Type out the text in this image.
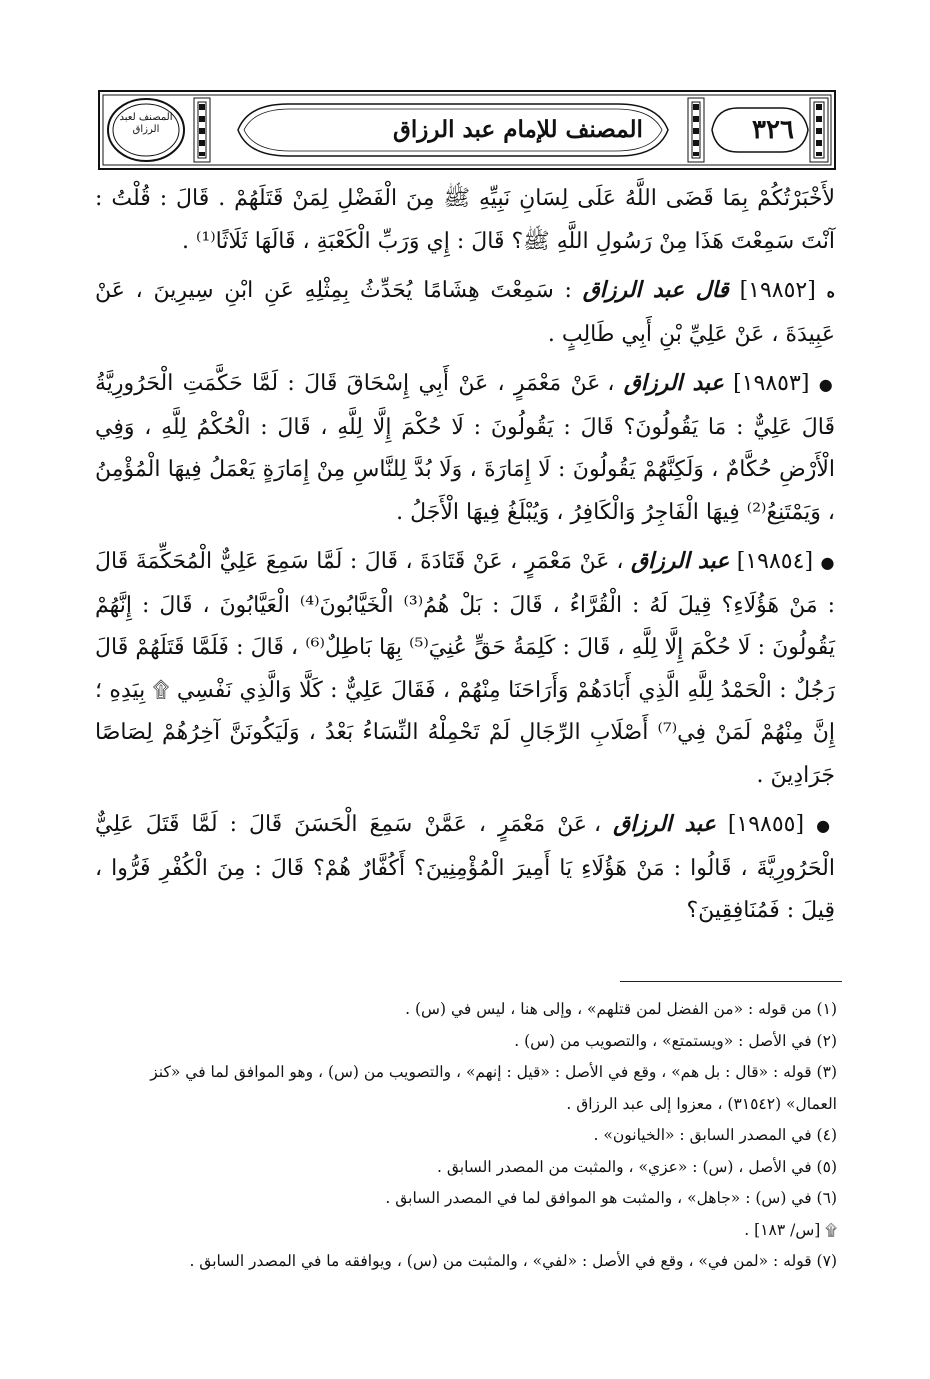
المصنف للإمام عبد الرزاق	٣٢٦
المصنف لعبد الرزاق

لأَخْبَرْتُكُمْ بِمَا قَضَى اللَّهُ عَلَى لِسَانِ نَبِيِّهِ ﷺ مِنَ الْفَضْلِ لِمَنْ قَتَلَهُمْ . قَالَ : قُلْتُ : آنْتَ سَمِعْتَ هَذَا مِنْ رَسُولِ اللَّهِ ﷺ؟ قَالَ : إِي وَرَبِّ الْكَعْبَةِ ، قَالَهَا ثَلَاثًا⁽¹⁾ .

ه [١٩٨٥٢] قال عبد الرزاق : سَمِعْتَ هِشَامًا يُحَدِّثُ بِمِثْلِهِ عَنِ ابْنِ سِيرِينَ ، عَنْ عَبِيدَةَ ، عَنْ عَلِيِّ بْنِ أَبِي طَالِبٍ .

● [١٩٨٥٣] عبد الرزاق ، عَنْ مَعْمَرٍ ، عَنْ أَبِي إِسْحَاقَ قَالَ : لَمَّا حَكَّمَتِ الْحَرُورِيَّةُ قَالَ عَلِيٌّ : مَا يَقُولُونَ؟ قَالَ : يَقُولُونَ : لَا حُكْمَ إِلَّا لِلَّهِ ، قَالَ : الْحُكْمُ لِلَّهِ ، وَفِي الْأَرْضِ حُكَّامٌ ، وَلَكِنَّهُمْ يَقُولُونَ : لَا إِمَارَةَ ، وَلَا بُدَّ لِلنَّاسِ مِنْ إِمَارَةٍ يَعْمَلُ فِيهَا الْمُؤْمِنُ ، وَيَمْتَنِعُ⁽²⁾ فِيهَا الْفَاجِرُ وَالْكَافِرُ ، وَيُبْلَغُ فِيهَا الْأَجَلُ .

● [١٩٨٥٤] عبد الرزاق ، عَنْ مَعْمَرٍ ، عَنْ قَتَادَةَ ، قَالَ : لَمَّا سَمِعَ عَلِيٌّ الْمُحَكِّمَةَ قَالَ : مَنْ هَؤُلَاءِ؟ قِيلَ لَهُ : الْقُرَّاءُ ، قَالَ : بَلْ هُمُ⁽³⁾ الْخَيَّابُونَ⁽⁴⁾ الْعَيَّابُونَ ، قَالَ : إِنَّهُمْ يَقُولُونَ : لَا حُكْمَ إِلَّا لِلَّهِ ، قَالَ : كَلِمَةُ حَقٍّ عُنِيَ⁽⁵⁾ بِهَا بَاطِلٌ⁽⁶⁾ ، قَالَ : فَلَمَّا قَتَلَهُمْ قَالَ رَجُلٌ : الْحَمْدُ لِلَّهِ الَّذِي أَبَادَهُمْ وَأَرَاحَنَا مِنْهُمْ ، فَقَالَ عَلِيٌّ : كَلَّا وَالَّذِي نَفْسِي ۩ بِيَدِهِ ؛ إِنَّ مِنْهُمْ لَمَنْ فِي⁽⁷⁾ أَصْلَابِ الرِّجَالِ لَمْ تَحْمِلْهُ النِّسَاءُ بَعْدُ ، وَلَيَكُونَنَّ آخِرُهُمْ لِصَاصًا جَرَادِينَ .

● [١٩٨٥٥] عبد الرزاق ، عَنْ مَعْمَرٍ ، عَمَّنْ سَمِعَ الْحَسَنَ قَالَ : لَمَّا قَتَلَ عَلِيٌّ الْحَرُورِيَّةَ ، قَالُوا : مَنْ هَؤُلَاءِ يَا أَمِيرَ الْمُؤْمِنِينَ؟ أَكُفَّارٌ هُمْ؟ قَالَ : مِنَ الْكُفْرِ فَرُّوا ، قِيلَ : فَمُنَافِقِينَ؟

(١) من قوله : «من الفضل لمن قتلهم» ، وإلى هنا ، ليس في (س) .

(٢) في الأصل : «ويستمتع» ، والتصويب من (س) .

(٣) قوله : «قال : بل هم» ، وقع في الأصل : «قيل : إنهم» ، والتصويب من (س) ، وهو الموافق لما في «كنز العمال» (٣١٥٤٢) ، معزوا إلى عبد الرزاق .

(٤) في المصدر السابق : «الخيانون» .

(٥) في الأصل ، (س) : «عزي» ، والمثبت من المصدر السابق .

(٦) في (س) : «جاهل» ، والمثبت هو الموافق لما في المصدر السابق .

۩ [س/ ١٨٣] .

(٧) قوله : «لمن في» ، وقع في الأصل : «لفي» ، والمثبت من (س) ، ويوافقه ما في المصدر السابق .
